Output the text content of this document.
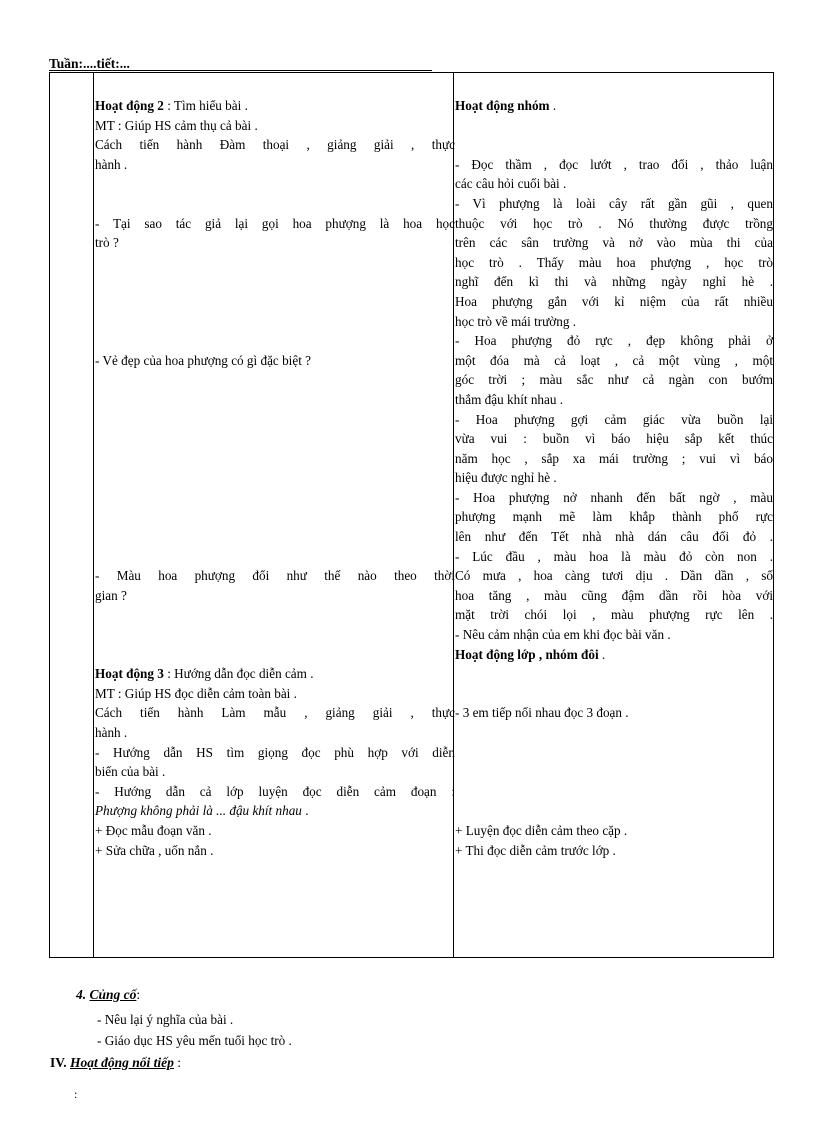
Tuần:....tiết:...
Hoạt động 2 : Tìm hiểu bài .
MT : Giúp HS cảm thụ cả bài .
Cách tiến hành Đàm thoại , giảng giải , thực
hành .
- Tại sao tác giả lại gọi hoa phượng là hoa học
trò ?
- Vẻ đẹp của hoa phượng có gì đặc biệt ?
- Màu hoa phượng đổi như thế nào theo thời
gian ?
Hoạt động 3 : Hướng dẫn đọc diễn cảm .
MT : Giúp HS đọc diễn cảm toàn bài .
Cách tiến hành Làm mẫu , giảng giải , thực
hành .
- Hướng dẫn HS tìm giọng đọc phù hợp với diễn
biến của bài .
- Hướng dẫn cả lớp luyện đọc diễn cảm đoạn :
Phượng không phải là ... đậu khít nhau .
+ Đọc mẫu đoạn văn .
+ Sửa chữa , uốn nắn .
Hoạt động nhóm .
- Đọc thầm , đọc lướt , trao đổi , thảo luận
các câu hỏi cuối bài .
- Vì phượng là loài cây rất gần gũi , quen
thuộc với học trò . Nó thường được trồng
trên các sân trường và nở vào mùa thi của
học trò . Thấy màu hoa phượng , học trò
nghĩ đến kì thi và những ngày nghỉ hè .
Hoa phượng gắn với kỉ niệm của rất nhiều
học trò về mái trường .
- Hoa phượng đỏ rực , đẹp không phải ở
một đóa mà cả loạt , cả một vùng , một
góc trời ; màu sắc như cả ngàn con bướm
thắm đậu khít nhau .
- Hoa phượng gợi cảm giác vừa buồn lại
vừa vui : buồn vì báo hiệu sắp kết thúc
năm học , sắp xa mái trường ; vui vì báo
hiệu được nghỉ hè .
- Hoa phượng nở nhanh đến bất ngờ , màu
phượng mạnh mẽ làm khắp thành phố rực
lên như đến Tết nhà nhà dán câu đối đỏ .
- Lúc đầu , màu hoa là màu đỏ còn non .
Có mưa , hoa càng tươi dịu . Dần dần , số
hoa tăng , màu cũng đậm dần rồi hòa với
mặt trời chói lọi , màu phượng rực lên .
- Nêu cảm nhận của em khi đọc bài văn .
Hoạt động lớp , nhóm đôi .
- 3 em tiếp nối nhau đọc 3 đoạn .
+ Luyện đọc diễn cảm theo cặp .
+ Thi đọc diễn cảm trước lớp .
4. Củng cố:
- Nêu lại ý nghĩa của bài .
- Giáo dục HS yêu mến tuổi học trò .
IV. Hoạt động nối tiếp :
:
